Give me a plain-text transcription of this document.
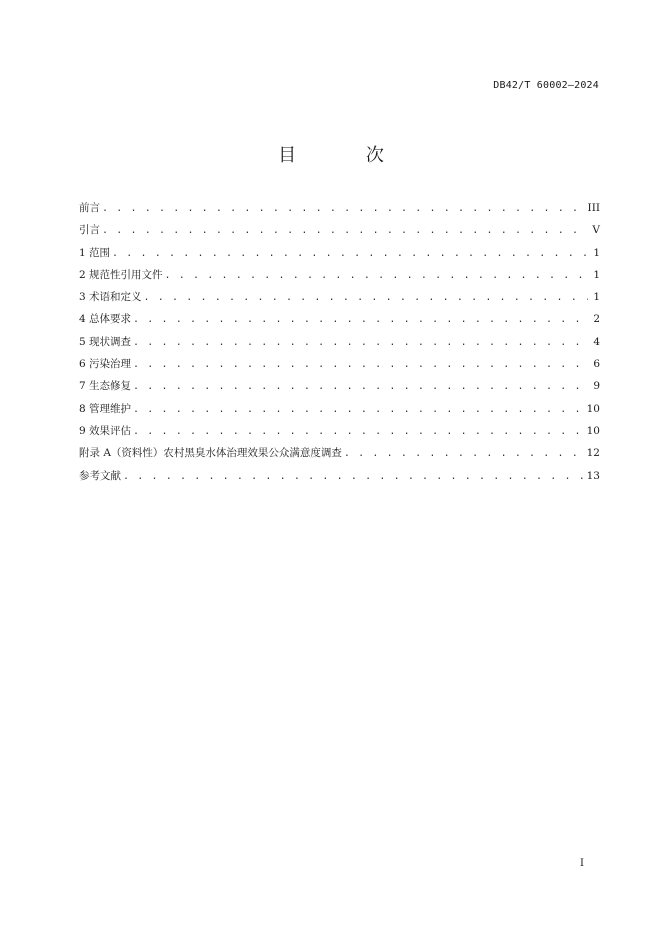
DB42/T 60002—2024
目 次
前言 . . .	III
引言 . . .	V
1 范围 . . .	1
2 规范性引用文件 . . .	1
3 术语和定义 . . .	1
4 总体要求 . . .	2
5 现状调查 . . .	4
6 污染治理 . . .	6
7 生态修复 . . .	9
8 管理维护 . . .	10
9 效果评估 . . .	10
附录 A（资料性）农村黑臭水体治理效果公众满意度调查 . . .	12
参考文献 . . .	13
I
